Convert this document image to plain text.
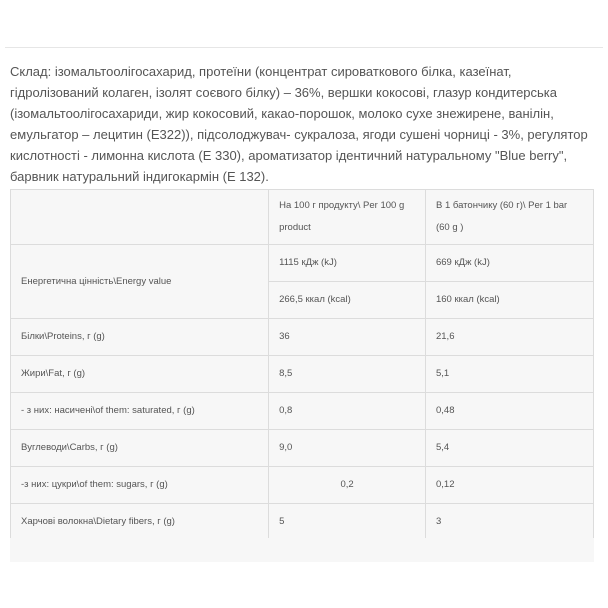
Склад: ізомальтоолігосахарид, протеїни (концентрат сироваткового білка, казеїнат, гідролізований колаген, ізолят соєвого білку) – 36%, вершки кокосові, глазур кондитерська (ізомальтоолігосахариди, жир кокосовий, какао-порошок, молоко сухе знежирене, ванілін, емульгатор – лецитин (Е322)), підсолоджувач- сукралоза, ягоди сушені чорниці - 3%, регулятор кислотності - лимонна кислота (Е 330), ароматизатор ідентичний натуральному "Blue berry", барвник натуральний індигокармін (Е 132).

	На 100 г продукту\ Per 100 g product	В 1 батончику (60 г)\ Per 1 bar (60 g )
Енергетична цінність\Energy value	1115 кДж (kJ)	669 кДж (kJ)
	266,5 ккал (kcal)	160 ккал (kcal)
Білки\Proteins, г (g)	36	21,6
Жири\Fat, г (g)	8,5	5,1
- з них: насичені\of them: saturated, г (g)	0,8	0,48
Вуглеводи\Carbs, г (g)	9,0	5,4
-з них: цукри\of them: sugars, г (g)	0,2	0,12
Харчові волокна\Dietary fibers, г (g)	5	3
